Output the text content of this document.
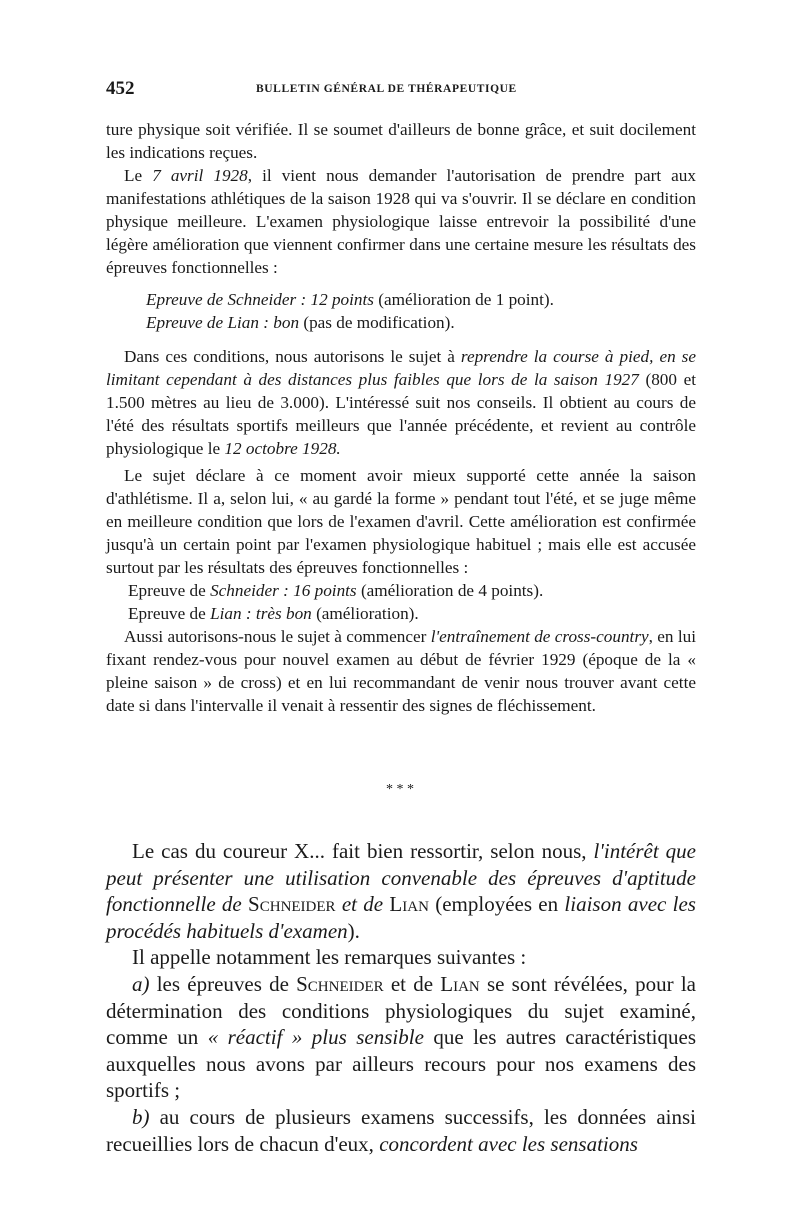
452	BULLETIN GÉNÉRAL DE THÉRAPEUTIQUE

ture physique soit vérifiée. Il se soumet d'ailleurs de bonne grâce, et suit docilement les indications reçues.

Le 7 avril 1928, il vient nous demander l'autorisation de prendre part aux manifestations athlétiques de la saison 1928 qui va s'ouvrir. Il se déclare en condition physique meilleure. L'examen physiologique laisse entrevoir la possibilité d'une légère amélioration que viennent confirmer dans une certaine mesure les résultats des épreuves fonctionnelles :

Epreuve de Schneider : 12 points (amélioration de 1 point).

Epreuve de Lian : bon (pas de modification).

Dans ces conditions, nous autorisons le sujet à reprendre la course à pied, en se limitant cependant à des distances plus faibles que lors de la saison 1927 (800 et 1.500 mètres au lieu de 3.000). L'intéressé suit nos conseils. Il obtient au cours de l'été des résultats sportifs meilleurs que l'année précédente, et revient au contrôle physiologique le 12 octobre 1928.

Le sujet déclare à ce moment avoir mieux supporté cette année la saison d'athlétisme. Il a, selon lui, « au gardé la forme » pendant tout l'été, et se juge même en meilleure condition que lors de l'examen d'avril. Cette amélioration est confirmée jusqu'à un certain point par l'examen physiologique habituel ; mais elle est accusée surtout par les résultats des épreuves fonctionnelles :

Epreuve de Schneider : 16 points (amélioration de 4 points).

Epreuve de Lian : très bon (amélioration).

Aussi autorisons-nous le sujet à commencer l'entraînement de cross-country, en lui fixant rendez-vous pour nouvel examen au début de février 1929 (époque de la « pleine saison » de cross) et en lui recommandant de venir nous trouver avant cette date si dans l'intervalle il venait à ressentir des signes de fléchissement.

* * *

Le cas du coureur X... fait bien ressortir, selon nous, l'intérêt que peut présenter une utilisation convenable des épreuves d'aptitude fonctionnelle de Schneider et de Lian (employées en liaison avec les procédés habituels d'examen).

Il appelle notamment les remarques suivantes :

a) les épreuves de Schneider et de Lian se sont révélées, pour la détermination des conditions physiologiques du sujet examiné, comme un « réactif » plus sensible que les autres caractéristiques auxquelles nous avons par ailleurs recours pour nos examens des sportifs ;

b) au cours de plusieurs examens successifs, les données ainsi recueillies lors de chacun d'eux, concordent avec les sensations
